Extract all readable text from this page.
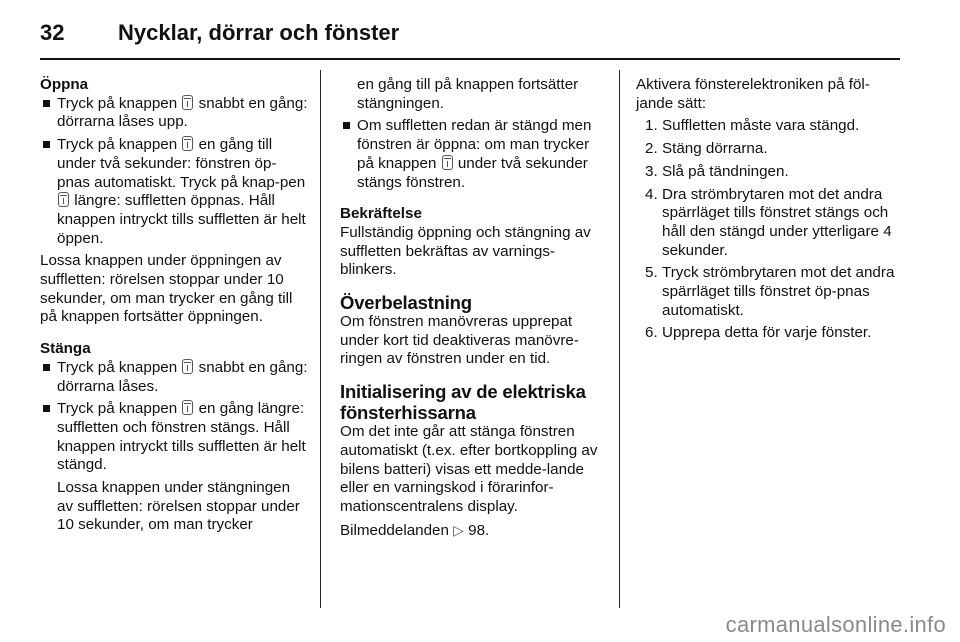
32	Nycklar, dörrar och fönster

Öppna

Tryck på knappen
snabbt en gång: dörrarna låses upp.
Tryck på knappen
en gång till under två sekunder: fönstren öp-pnas automatiskt. Tryck på knap-pen
längre: suffletten öppnas. Håll knappen intryckt tills suffletten är helt öppen.

Lossa knappen under öppningen av suffletten: rörelsen stoppar under 10 sekunder, om man trycker en gång till på knappen fortsätter öppningen.

Stänga

Tryck på knappen
snabbt en gång: dörrarna låses.
Tryck på knappen
en gång längre: suffletten och fönstren stängs. Håll knappen intryckt tills suffletten är helt stängd.
Lossa knappen under stängningen av suffletten: rörelsen stoppar under 10 sekunder, om man trycker

en gång till på knappen fortsätter stängningen.

Om suffletten redan är stängd men fönstren är öppna: om man trycker på knappen
under två sekunder stängs fönstren.

Bekräftelse

Fullständig öppning och stängning av suffletten bekräftas av varnings-blinkers.

Överbelastning

Om fönstren manövreras upprepat under kort tid deaktiveras manövre-ringen av fönstren under en tid.

Initialisering av de elektriska fönsterhissarna

Om det inte går att stänga fönstren automatiskt (t.ex. efter bortkoppling av bilens batteri) visas ett medde-lande eller en varningskod i förarinfor-mationscentralens display.

Bilmeddelanden ▷ 98.

Aktivera fönsterelektroniken på föl-jande sätt:

1. Suffletten måste vara stängd.
2. Stäng dörrarna.
3. Slå på tändningen.
4. Dra strömbrytaren mot det andra spärrläget tills fönstret stängs och håll den stängd under ytterligare 4 sekunder.
5. Tryck strömbrytaren mot det andra spärrläget tills fönstret öp-pnas automatiskt.
6. Upprepa detta för varje fönster.
carmanualsonline.info
